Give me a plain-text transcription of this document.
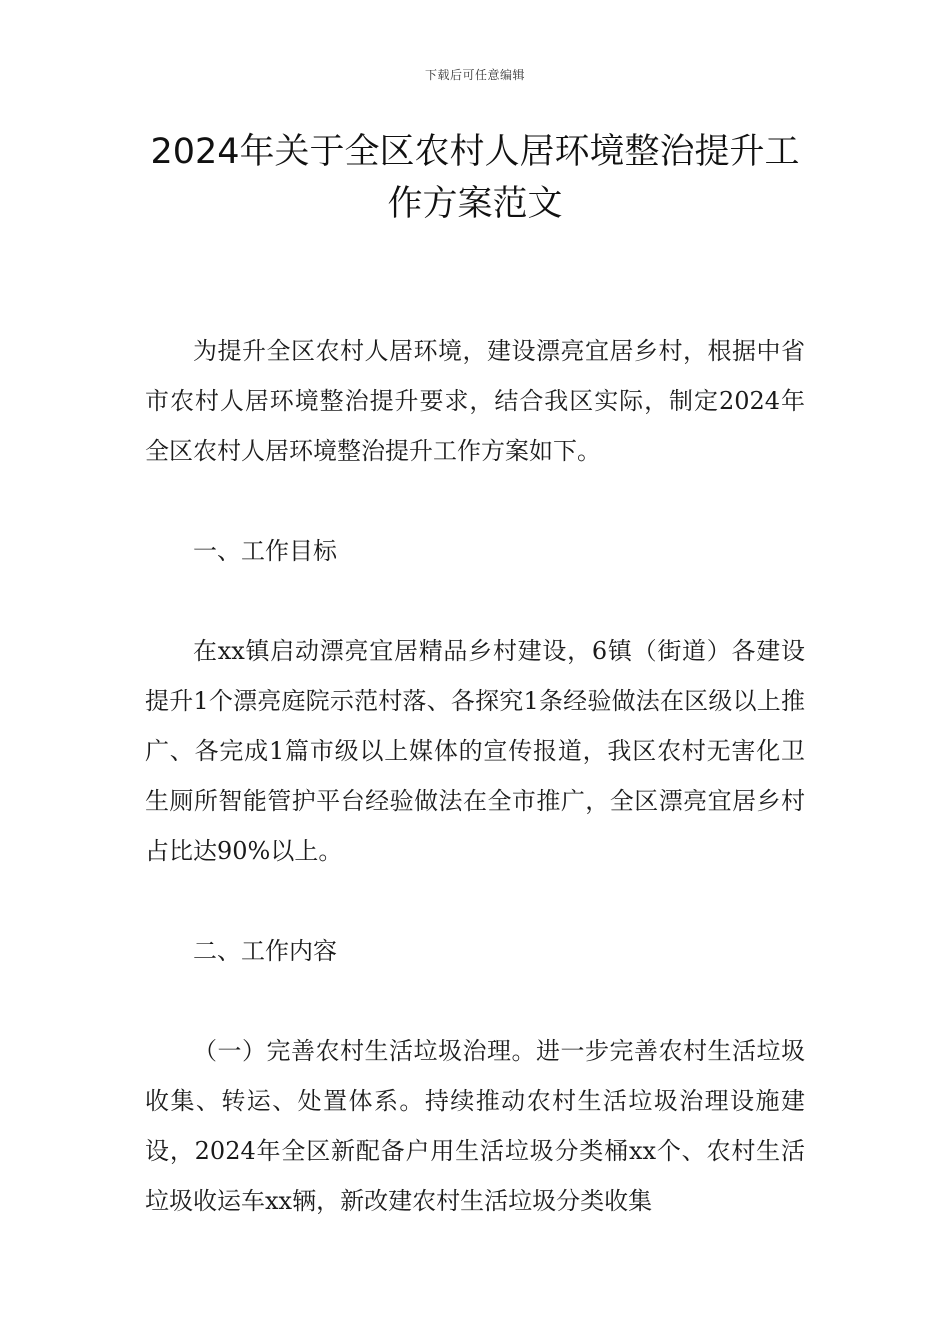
下载后可任意编辑
2024年关于全区农村人居环境整治提升工作方案范文

为提升全区农村人居环境，建设漂亮宜居乡村，根据中省市农村人居环境整治提升要求，结合我区实际，制定2024年全区农村人居环境整治提升工作方案如下。

一、工作目标

在xx镇启动漂亮宜居精品乡村建设，6镇（街道）各建设提升1个漂亮庭院示范村落、各探究1条经验做法在区级以上推广、各完成1篇市级以上媒体的宣传报道，我区农村无害化卫生厕所智能管护平台经验做法在全市推广，全区漂亮宜居乡村占比达90%以上。

二、工作内容

（一）完善农村生活垃圾治理。进一步完善农村生活垃圾收集、转运、处置体系。持续推动农村生活垃圾治理设施建设，2024年全区新配备户用生活垃圾分类桶xx个、农村生活垃圾收运车xx辆，新改建农村生活垃圾分类收集
